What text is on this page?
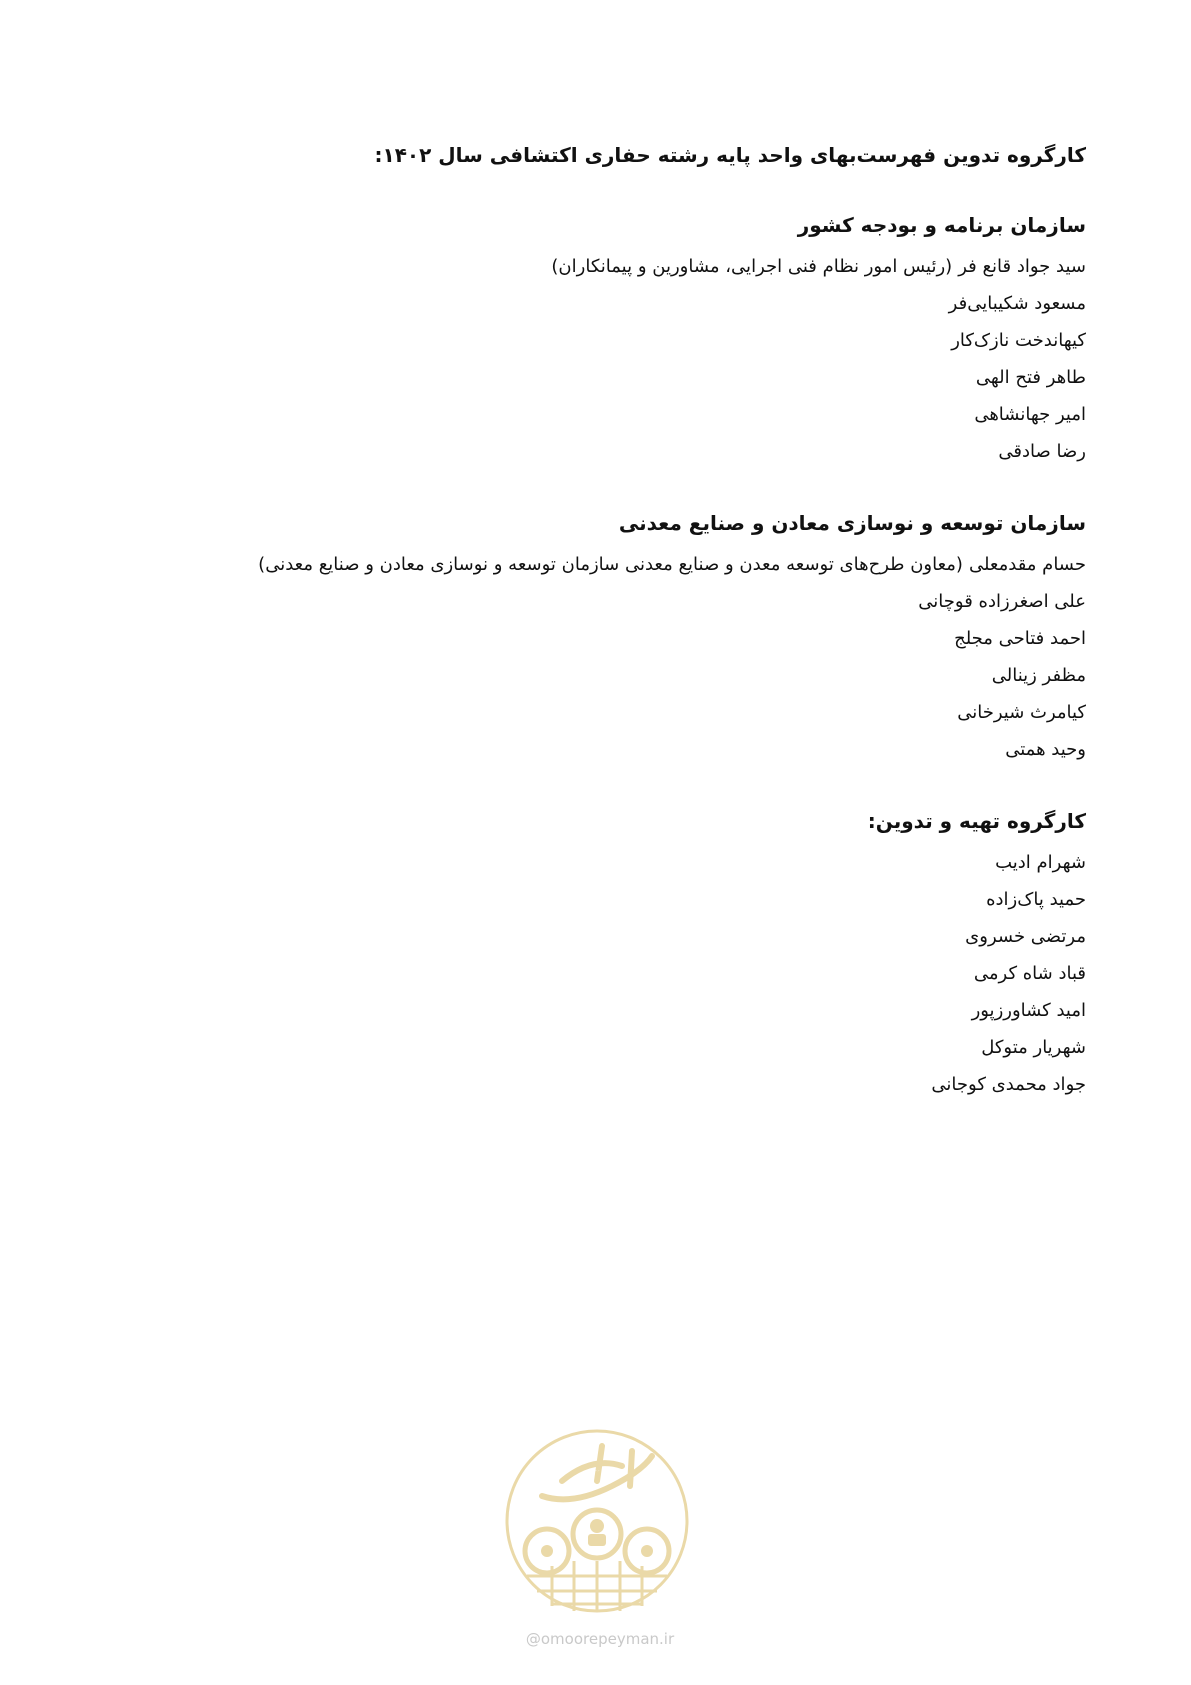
کارگروه تدوین فهرست‌بهای واحد پایه رشته حفاری اکتشافی سال ۱۴۰۲:
سازمان برنامه و بودجه کشور

سید جواد قانع فر(رئیس امور نظام فنی اجرایی، مشاورین و پیمانکاران)

مسعود شکیبایی‌فر

کیهاندخت نازک‌کار

طاهر فتح الهی

امیر جهانشاهی

رضا صادقی

سازمان توسعه و نوسازی معادن و صنایع معدنی

حسام مقدمعلی(معاون طرح‌های توسعه معدن و صنایع معدنی سازمان توسعه و نوسازی معادن و صنایع معدنی)

علی اصغرزاده قوچانی

احمد فتاحی مجلج

مظفر زینالی

کیامرث شیرخانی

وحید همتی

کارگروه تهیه و تدوین:

شهرام ادیب

حمید پاک‌زاده

مرتضی خسروی

قباد شاه کرمی

امید کشاورزپور

شهریار متوکل

جواد محمدی کوجانی

امور پیمان
@omoorepeyman.ir
